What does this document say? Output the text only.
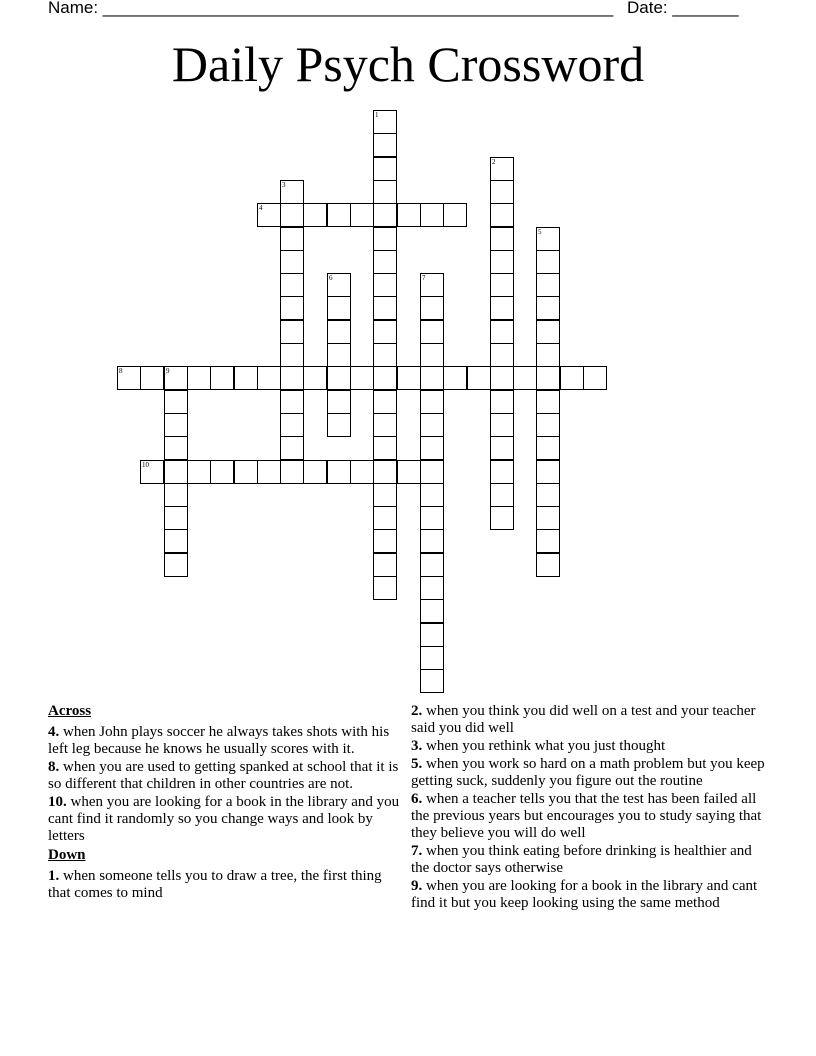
Name: ______________________________________________________ Date: _______
Daily Psych Crossword
1
2
3
4
5
6	7
8	9
10
Across
4. when John plays soccer he always takes shots with his left leg because he knows he usually scores with it.
8. when you are used to getting spanked at school that it is so different that children in other countries are not.
10. when you are looking for a book in the library and you cant find it randomly so you change ways and look by letters
Down
1. when someone tells you to draw a tree, the first thing that comes to mind
2. when you think you did well on a test and your teacher said you did well
3. when you rethink what you just thought
5. when you work so hard on a math problem but you keep getting suck, suddenly you figure out the routine
6. when a teacher tells you that the test has been failed all the previous years but encourages you to study saying that they believe you will do well
7. when you think eating before drinking is healthier and the doctor says otherwise
9. when you are looking for a book in the library and cant find it but you keep looking using the same method
